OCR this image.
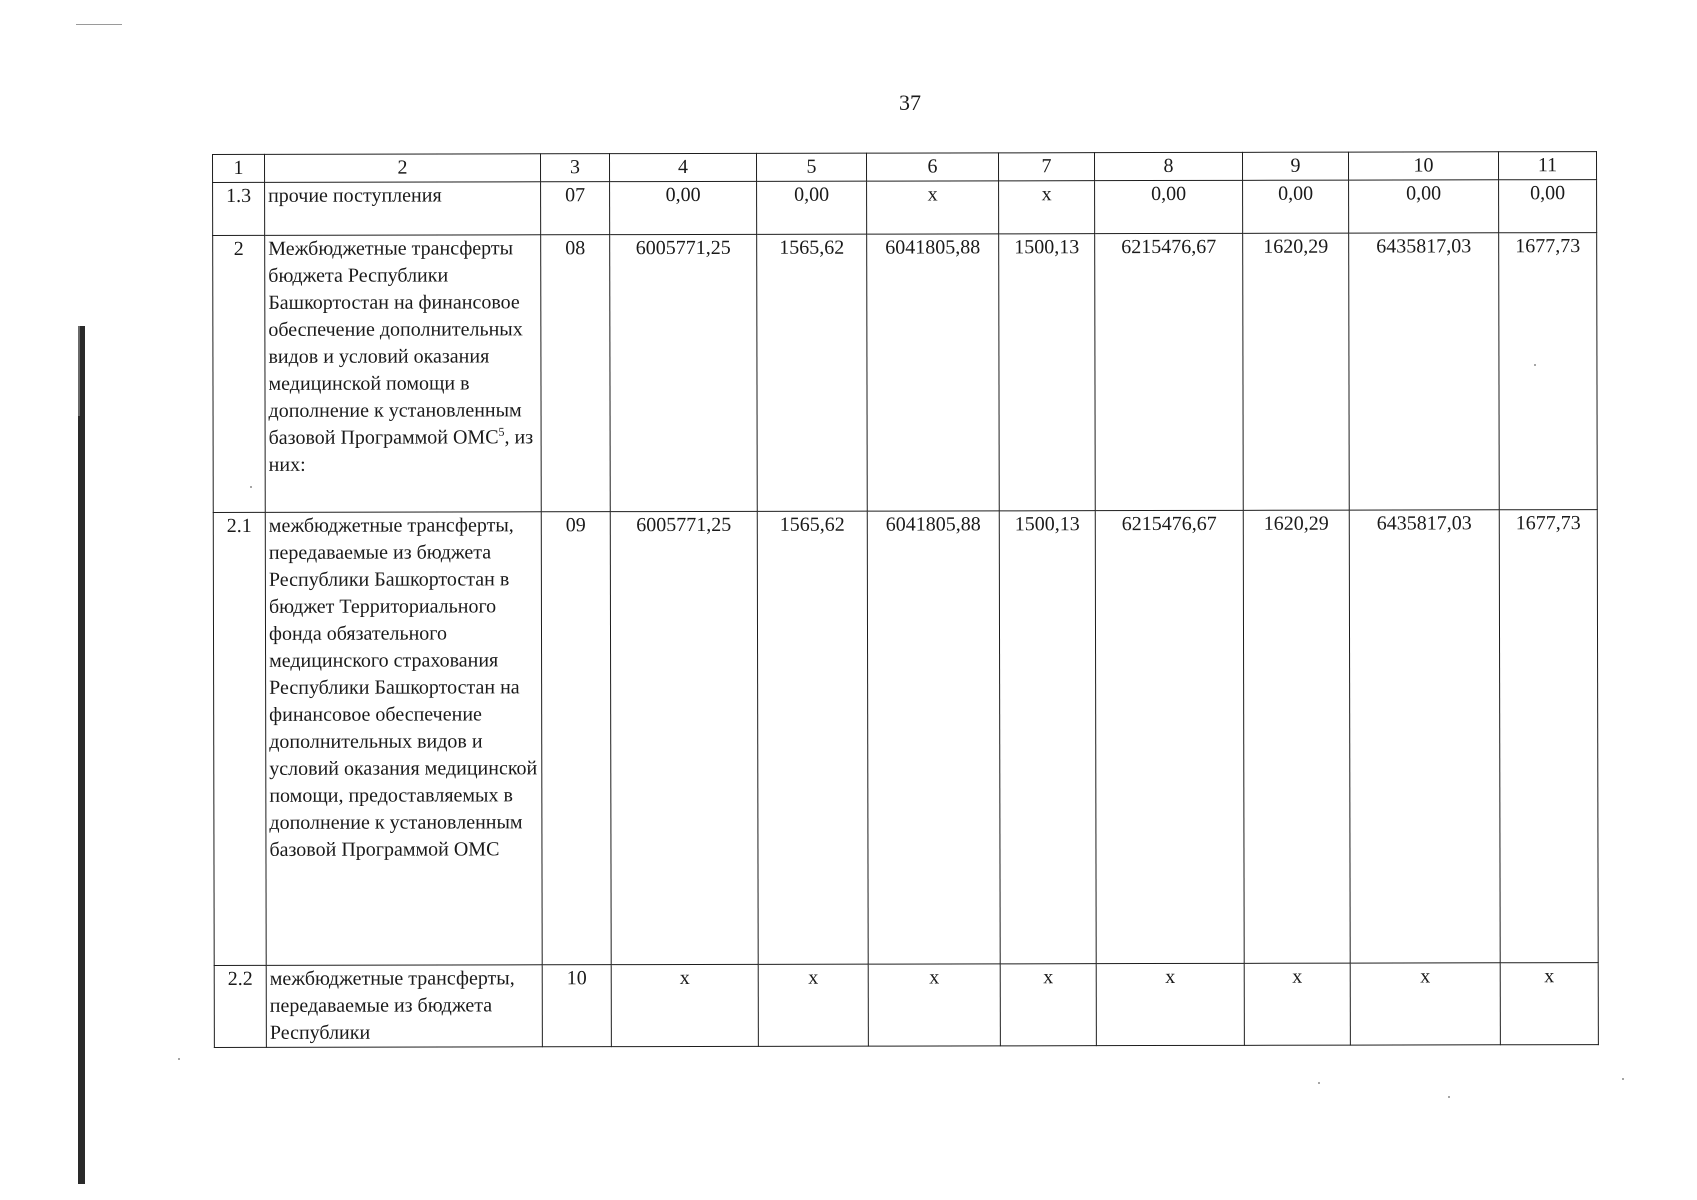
37
1	2	3	4	5	6	7	8	9	10	11
1.3	прочие поступления	07	0,00	0,00	х	х	0,00	0,00	0,00	0,00
2	Межбюджетные трансферты бюджета Республики Башкортостан на финансовое обеспечение дополнительных видов и условий оказания медицинской помощи в дополнение к установленным базовой Программой ОМС$^5$, из них:	08	6005771,25	1565,62	6041805,88	1500,13	6215476,67	1620,29	6435817,03	1677,73
2.1	межбюджетные трансферты, передаваемые из бюджета Республики Башкортостан в бюджет Территориального фонда обязательного медицинского страхования Республики Башкортостан на финансовое обеспечение дополнительных видов и условий оказания медицинской помощи, предоставляемых в дополнение к установленным базовой Программой ОМС	09	6005771,25	1565,62	6041805,88	1500,13	6215476,67	1620,29	6435817,03	1677,73
2.2	межбюджетные трансферты, передаваемые из бюджета Республики	10	х	х	х	х	х	х	х	х
